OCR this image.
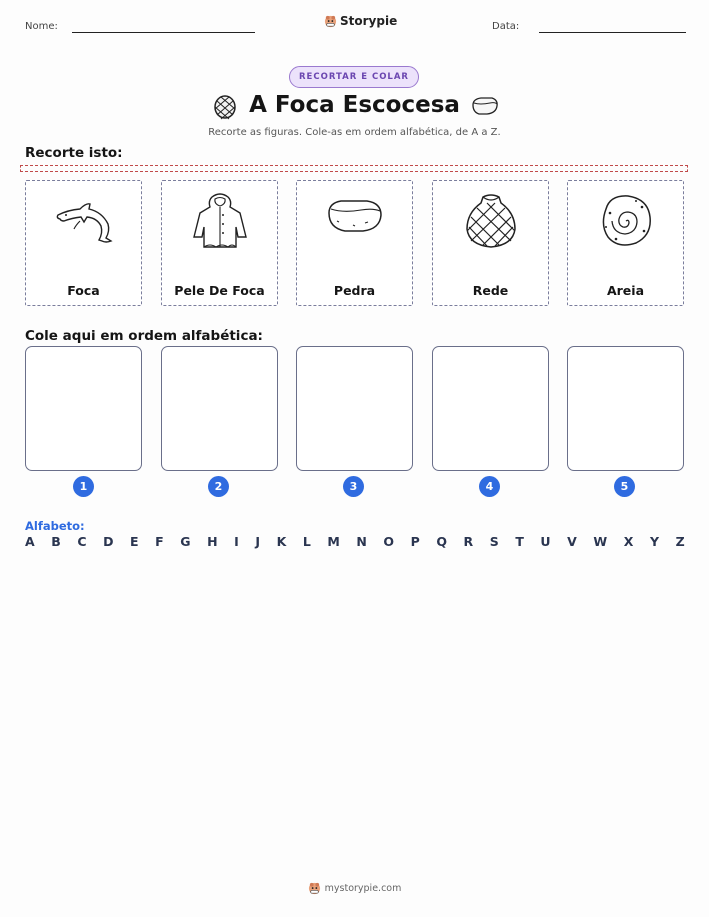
Nome:	Storypie	Data:
RECORTAR E COLAR
A Foca Escocesa
Recorte as figuras. Cole-as em ordem alfabética, de A a Z.
Recorte isto:
Foca	Pele De Foca	Pedra	Rede	Areia
Cole aqui em ordem alfabética:
1	2	3	4	5
Alfabeto:
A B C D E F G H I J K L M N O P Q R S T U V W X Y Z
mystorypie.com
